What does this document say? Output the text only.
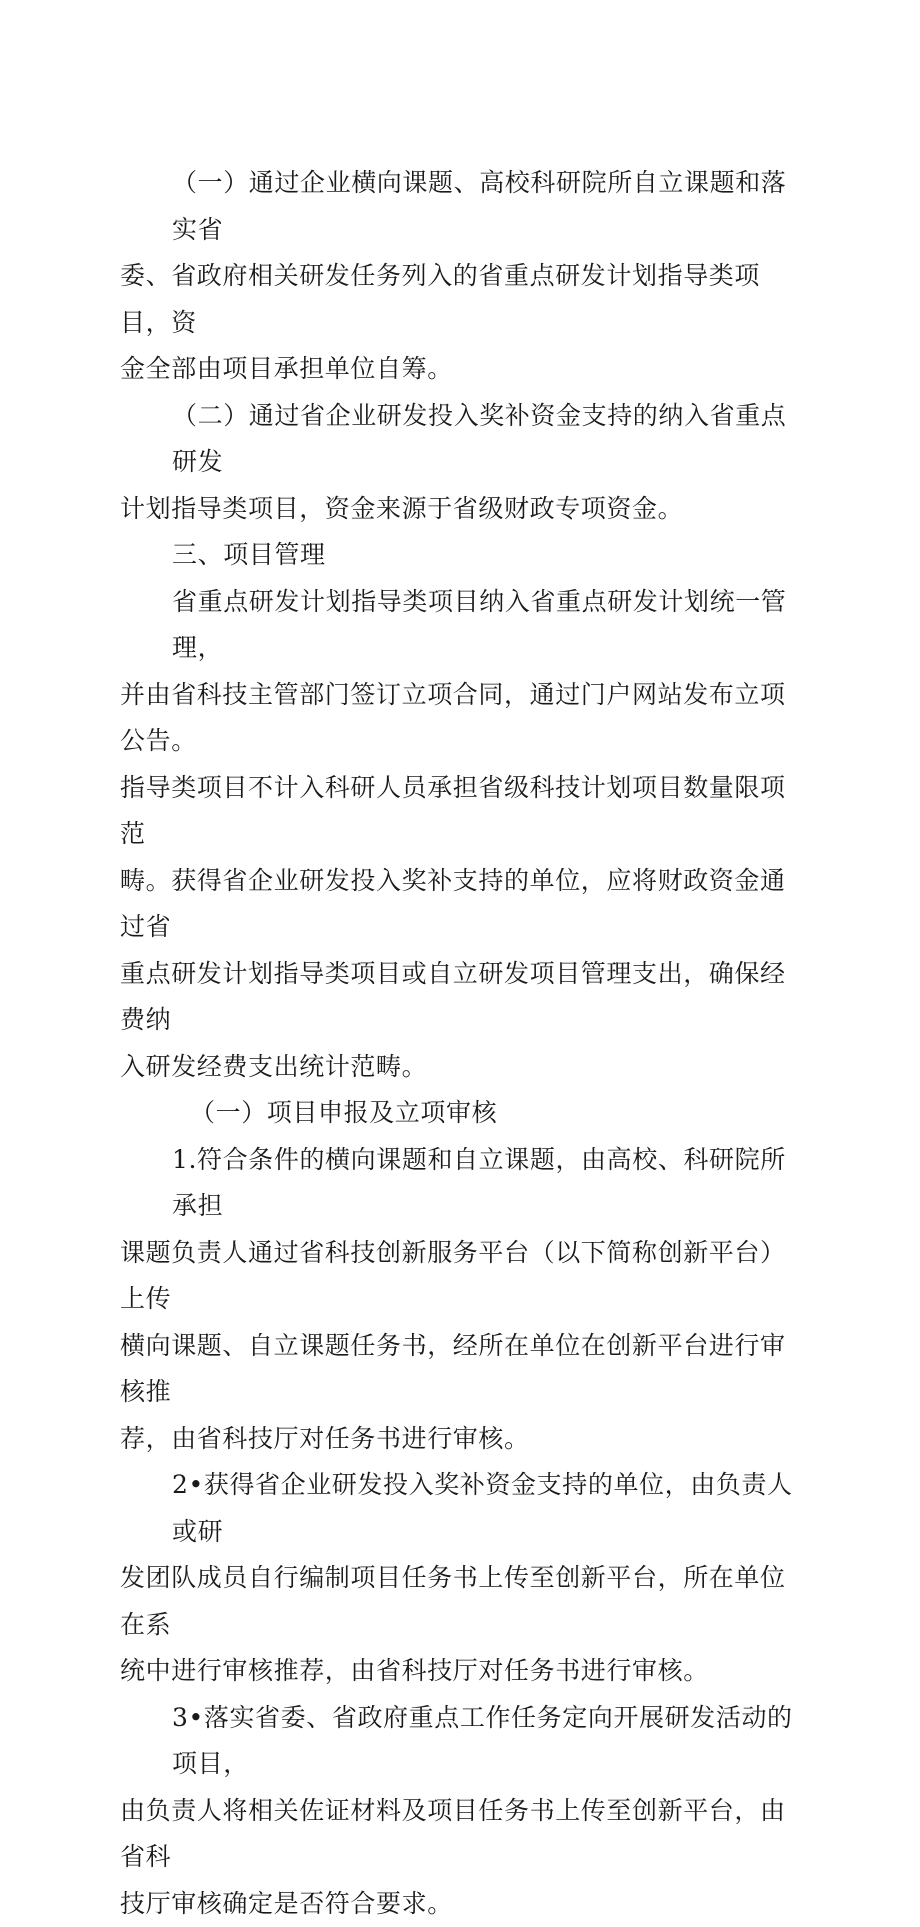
（一）通过企业横向课题、高校科研院所自立课题和落实省
委、省政府相关研发任务列入的省重点研发计划指导类项目，资
金全部由项目承担单位自筹。
（二）通过省企业研发投入奖补资金支持的纳入省重点研发
计划指导类项目，资金来源于省级财政专项资金。
三、项目管理
省重点研发计划指导类项目纳入省重点研发计划统一管理，
并由省科技主管部门签订立项合同，通过门户网站发布立项公告。
指导类项目不计入科研人员承担省级科技计划项目数量限项范
畴。获得省企业研发投入奖补支持的单位，应将财政资金通过省
重点研发计划指导类项目或自立研发项目管理支出，确保经费纳
入研发经费支出统计范畴。
（一）项目申报及立项审核
1.符合条件的横向课题和自立课题，由高校、科研院所承担
课题负责人通过省科技创新服务平台（以下简称创新平台）上传
横向课题、自立课题任务书，经所在单位在创新平台进行审核推
荐，由省科技厅对任务书进行审核。
2•获得省企业研发投入奖补资金支持的单位，由负责人或研
发团队成员自行编制项目任务书上传至创新平台，所在单位在系
统中进行审核推荐，由省科技厅对任务书进行审核。
3•落实省委、省政府重点工作任务定向开展研发活动的项目，
由负责人将相关佐证材料及项目任务书上传至创新平台，由省科
技厅审核确定是否符合要求。
